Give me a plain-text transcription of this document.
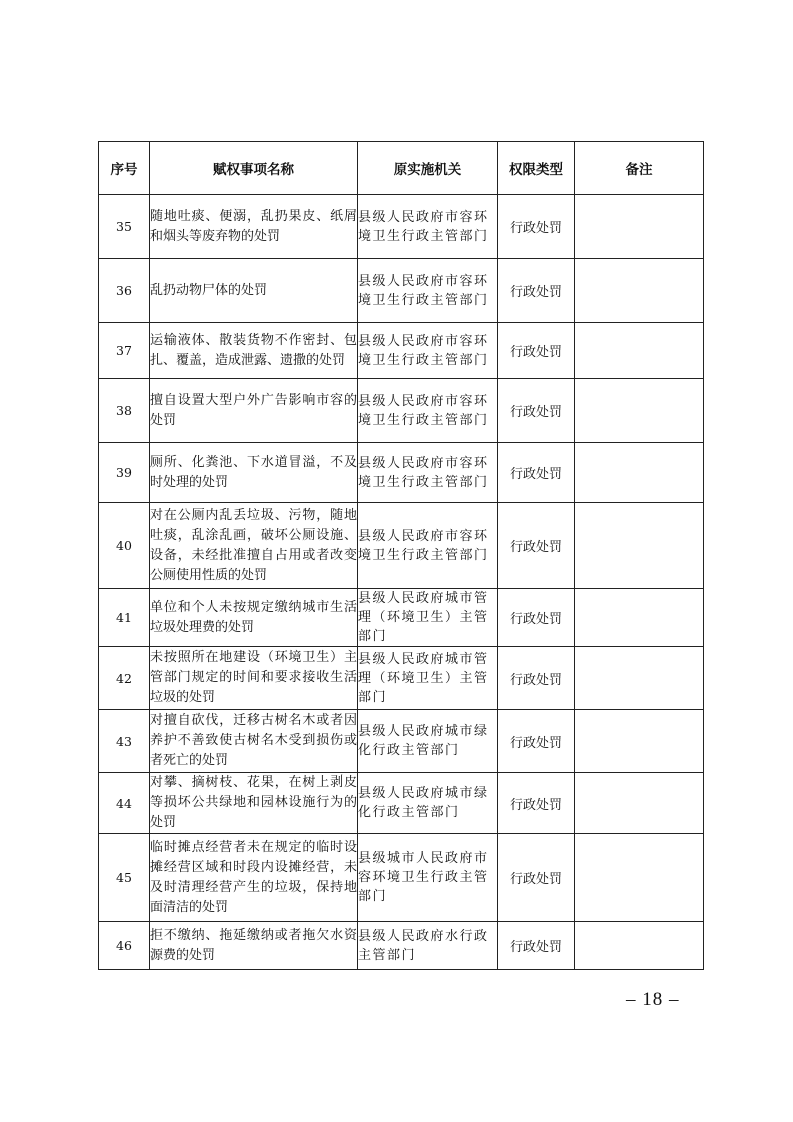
序号	赋权事项名称	原实施机关	权限类型	备注
35	随地吐痰、便溺，乱扔果皮、纸屑和烟头等废弃物的处罚	县级人民政府市容环境卫生行政主管部门	行政处罚	
36	乱扔动物尸体的处罚	县级人民政府市容环境卫生行政主管部门	行政处罚	
37	运输液体、散装货物不作密封、包扎、覆盖，造成泄露、遗撒的处罚	县级人民政府市容环境卫生行政主管部门	行政处罚	
38	擅自设置大型户外广告影响市容的处罚	县级人民政府市容环境卫生行政主管部门	行政处罚	
39	厕所、化粪池、下水道冒溢，不及时处理的处罚	县级人民政府市容环境卫生行政主管部门	行政处罚	
40	对在公厕内乱丢垃圾、污物，随地吐痰，乱涂乱画，破坏公厕设施、设备，未经批准擅自占用或者改变公厕使用性质的处罚	县级人民政府市容环境卫生行政主管部门	行政处罚	
41	单位和个人未按规定缴纳城市生活垃圾处理费的处罚	县级人民政府城市管理（环境卫生）主管部门	行政处罚	
42	未按照所在地建设（环境卫生）主管部门规定的时间和要求接收生活垃圾的处罚	县级人民政府城市管理（环境卫生）主管部门	行政处罚	
43	对擅自砍伐，迁移古树名木或者因养护不善致使古树名木受到损伤或者死亡的处罚	县级人民政府城市绿化行政主管部门	行政处罚	
44	对攀、摘树枝、花果，在树上剥皮等损坏公共绿地和园林设施行为的处罚	县级人民政府城市绿化行政主管部门	行政处罚	
45	临时摊点经营者未在规定的临时设摊经营区域和时段内设摊经营，未及时清理经营产生的垃圾，保持地面清洁的处罚	县级城市人民政府市容环境卫生行政主管部门	行政处罚	
46	拒不缴纳、拖延缴纳或者拖欠水资源费的处罚	县级人民政府水行政主管部门	行政处罚	
– 18 –
